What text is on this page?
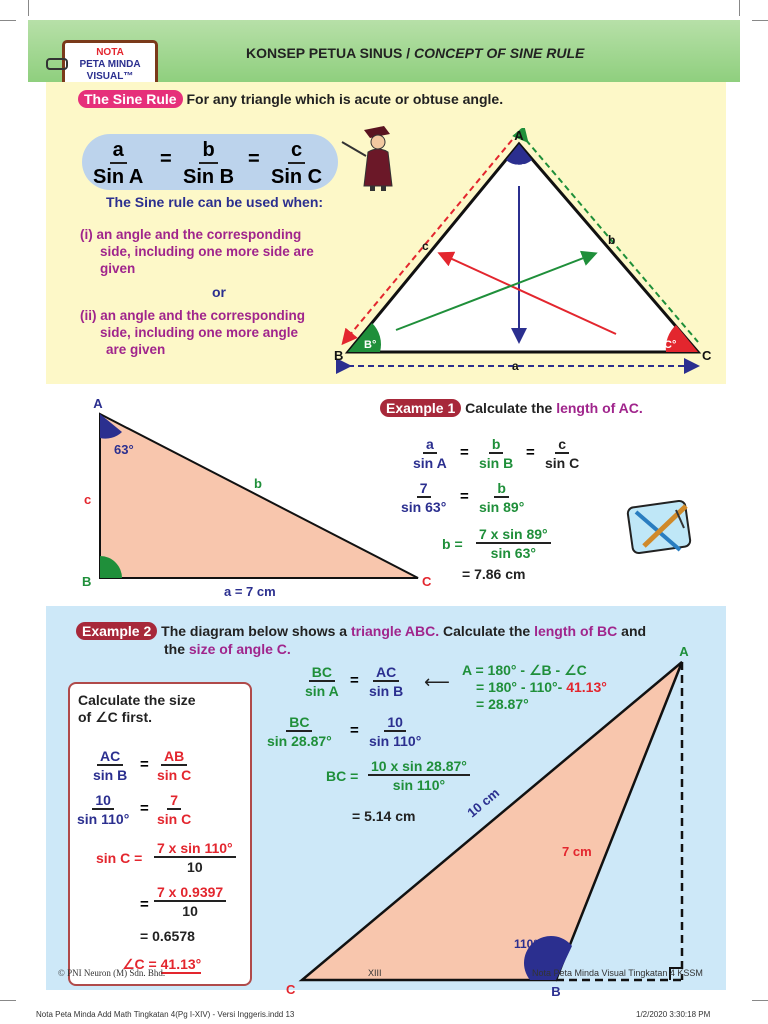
NOTA
PETA MINDA
VISUAL™
KONSEP PETUA SINUS / CONCEPT OF SINE RULE
The Sine Rule For any triangle which is acute or obtuse angle.
a
Sin A
= b
Sin B
= c
Sin C
The Sine rule can be used when:
(i) an angle and the corresponding
side, including one more side are
given
or
(ii) an angle and the corresponding
side, including one more angle
are given
A
B	C
c	b
a
A°
B°	C°
A
B	C
63°
b
c
a = 7 cm
Example 1 Calculate the length of AC.
$\frac{a}{\text{sin A}} = \frac{b}{\text{sin B}} = \frac{c}{\text{sin C}}$
$\frac{7}{\sin 63^\circ} = \frac{b}{\sin 89^\circ}$
$b = \frac{\text{7 x sin 89°}}{\sin 63^\circ}$
= 7.86 cm
Example 2 The diagram below shows a triangle ABC. Calculate the length of BC and
the size of angle C.
Calculate the size
of ∠C first.
$\frac{AC}{\text{sin B}} = \frac{AB}{\text{sin C}}$
$\frac{10}{\sin 110^\circ} = \frac{7}{\text{sin C}}$
$\sin C = \frac{\text{7 x sin 110°}}{10}$
= $\frac{7 x 0.9397}{10}$
= 0.6578
∠C = 41.13°
$\frac{BC}{\text{sin A}} = \frac{AC}{\text{sin B}}$ ⟵
A = 180° - ∠B - ∠C
= 180° - 110°- 41.13°
= 28.87°
$\frac{BC}{\sin 28.87^\circ} = \frac{10}{\sin 110^\circ}$
BC = $\frac{\text{10 x sin 28.87°}}{\sin 110^\circ}$
= 5.14 cm
A
C	B
10 cm
7 cm
110°
© PNI Neuron (M) Sdn. Bhd.	XIII	Nota Peta Minda Visual Tingkatan 4 KSSM
Nota Peta Minda Add Math Tingkatan 4(Pg I-XIV) - Versi Inggeris.indd 13	1/2/2020 3:30:18 PM
